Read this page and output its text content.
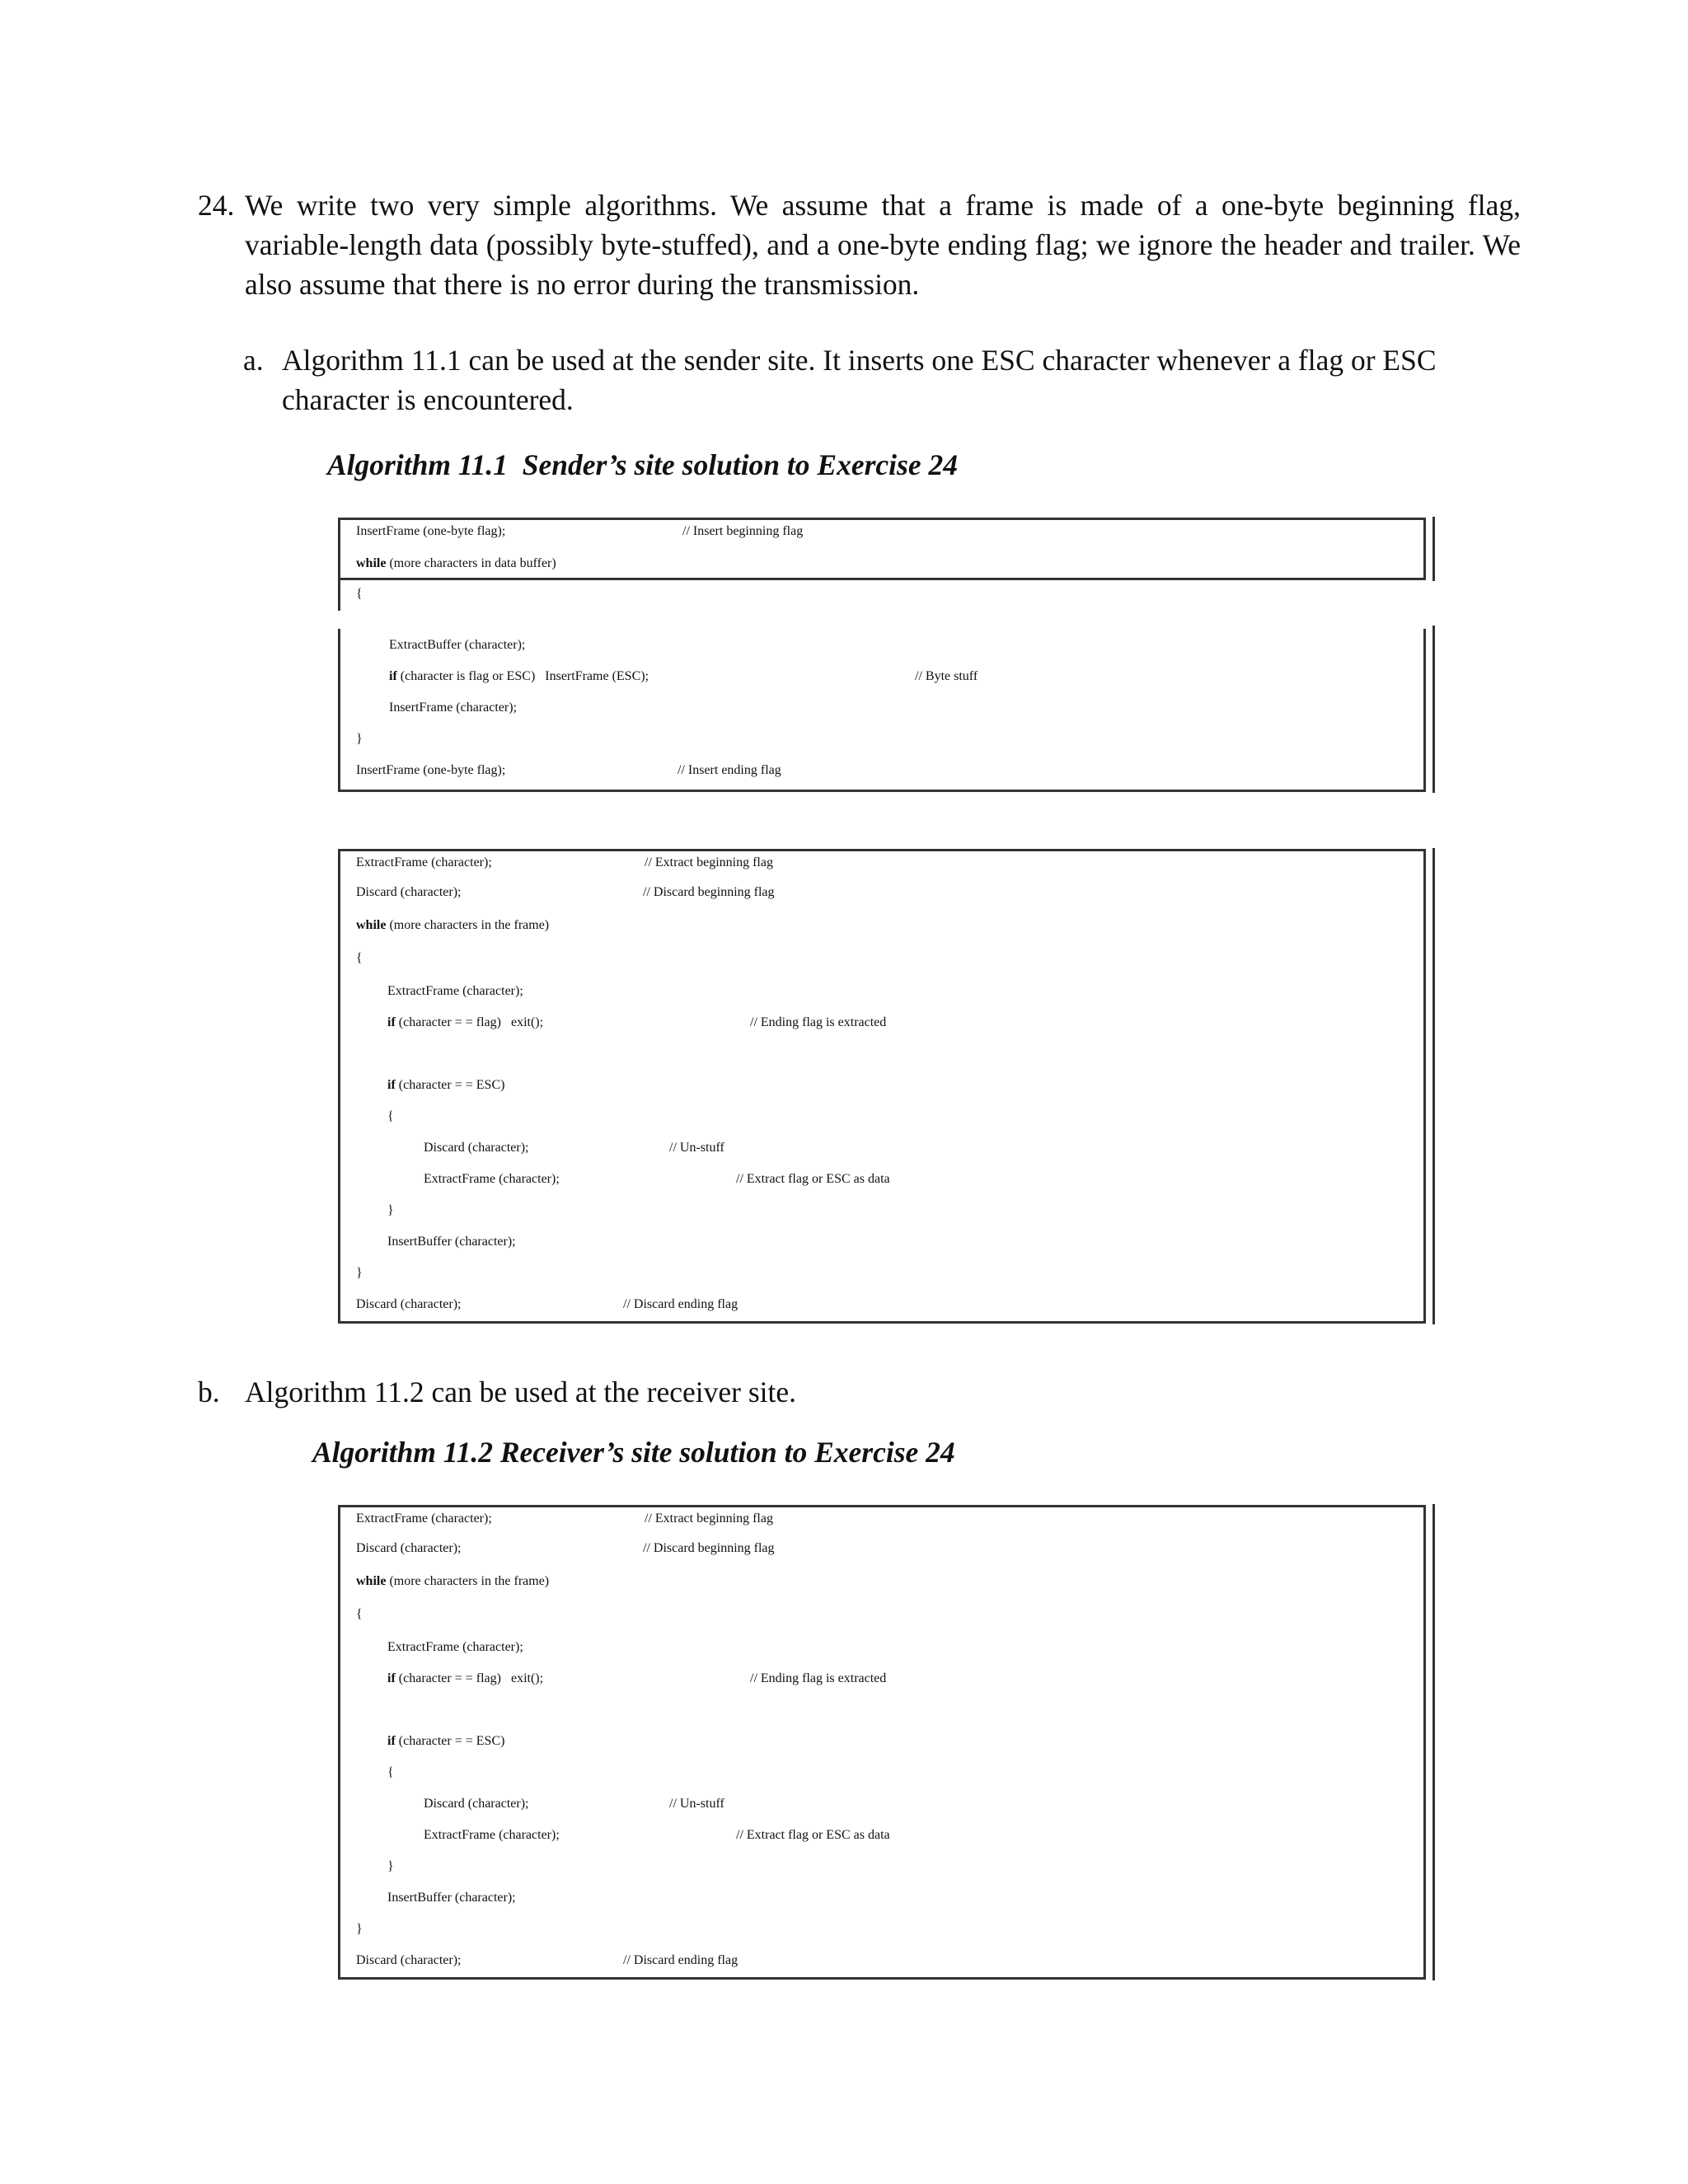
24. We write two very simple algorithms. We assume that a frame is made of a one-byte beginning flag, variable-length data (possibly byte-stuffed), and a one-byte ending flag; we ignore the header and trailer. We also assume that there is no error during the transmission.
a. Algorithm 11.1 can be used at the sender site. It inserts one ESC character whenever a flag or ESC character is encountered.
Algorithm 11.1  Sender’s site solution to Exercise 24
InsertFrame (one-byte flag);	// Insert beginning flag
while (more characters in data buffer)
{
ExtractBuffer (character);
if (character is flag or ESC)   InsertFrame (ESC);	// Byte stuff
InsertFrame (character);
}
InsertFrame (one-byte flag);	// Insert ending flag
ExtractFrame (character);	// Extract beginning flag
Discard (character);	// Discard beginning flag
while (more characters in the frame)
{
ExtractFrame (character);
if (character = = flag)   exit();	// Ending flag is extracted
if (character = = ESC)
{
Discard (character);	// Un-stuff
ExtractFrame (character);	// Extract flag or ESC as data
}
InsertBuffer (character);
}
Discard (character);	// Discard ending flag
b. Algorithm 11.2 can be used at the receiver site.
Algorithm 11.2 Receiver’s site solution to Exercise 24
ExtractFrame (character);	// Extract beginning flag
Discard (character);	// Discard beginning flag
while (more characters in the frame)
{
ExtractFrame (character);
if (character = = flag)   exit();	// Ending flag is extracted
if (character = = ESC)
{
Discard (character);	// Un-stuff
ExtractFrame (character);	// Extract flag or ESC as data
}
InsertBuffer (character);
}
Discard (character);	// Discard ending flag
